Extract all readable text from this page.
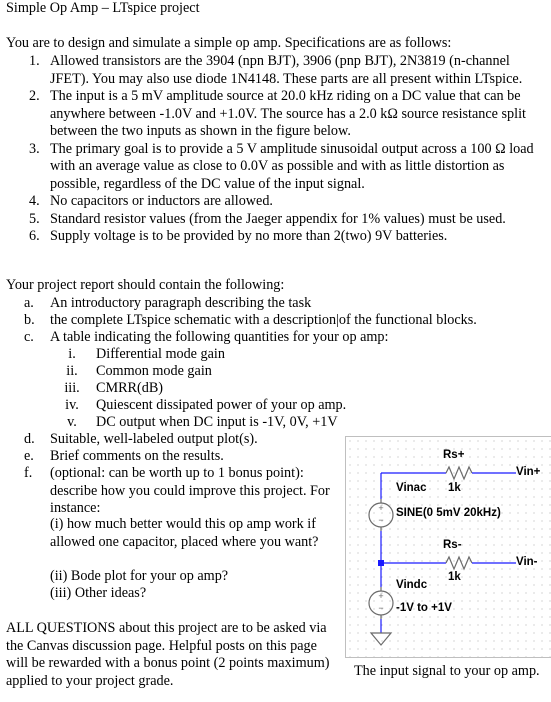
Simple Op Amp – LTspice project
You are to design and simulate a simple op amp. Specifications are as follows:
1. Allowed transistors are the 3904 (npn BJT), 3906 (pnp BJT), 2N3819 (n-channel JFET). You may also use diode 1N4148. These parts are all present within LTspice.
2. The input is a 5 mV amplitude source at 20.0 kHz riding on a DC value that can be anywhere between -1.0V and +1.0V. The source has a 2.0 kΩ source resistance split between the two inputs as shown in the figure below.
3. The primary goal is to provide a 5 V amplitude sinusoidal output across a 100 Ω load with an average value as close to 0.0V as possible and with as little distortion as possible, regardless of the DC value of the input signal.
4. No capacitors or inductors are allowed.
5. Standard resistor values (from the Jaeger appendix for 1% values) must be used.
6. Supply voltage is to be provided by no more than 2(two) 9V batteries.
Your project report should contain the following:
a. An introductory paragraph describing the task
b. the complete LTspice schematic with a description|of the functional blocks.
c. A table indicating the following quantities for your op amp:
i.	Differential mode gain
ii.	Common mode gain
iii.	CMRR(dB)
iv.	Quiescent dissipated power of your op amp.
v.	DC output when DC input is -1V, 0V, +1V
d. Suitable, well-labeled output plot(s).
e. Brief comments on the results.
f. (optional: can be worth up to 1 bonus point): describe how you could improve this project. For instance:
(i) how much better would this op amp work if allowed one capacitor, placed where you want?
(ii) Bode plot for your op amp?
(iii) Other ideas?
ALL QUESTIONS about this project are to be asked via the Canvas discussion page. Helpful posts on this page will be rewarded with a bonus point (2 points maximum) applied to your project grade.
+
−
+
−
Rs+
1k
Vin+
Vinac
SINE(0 5mV 20kHz)
Rs-
1k
Vin-
Vindc
-1V to +1V
The input signal to your op amp.
